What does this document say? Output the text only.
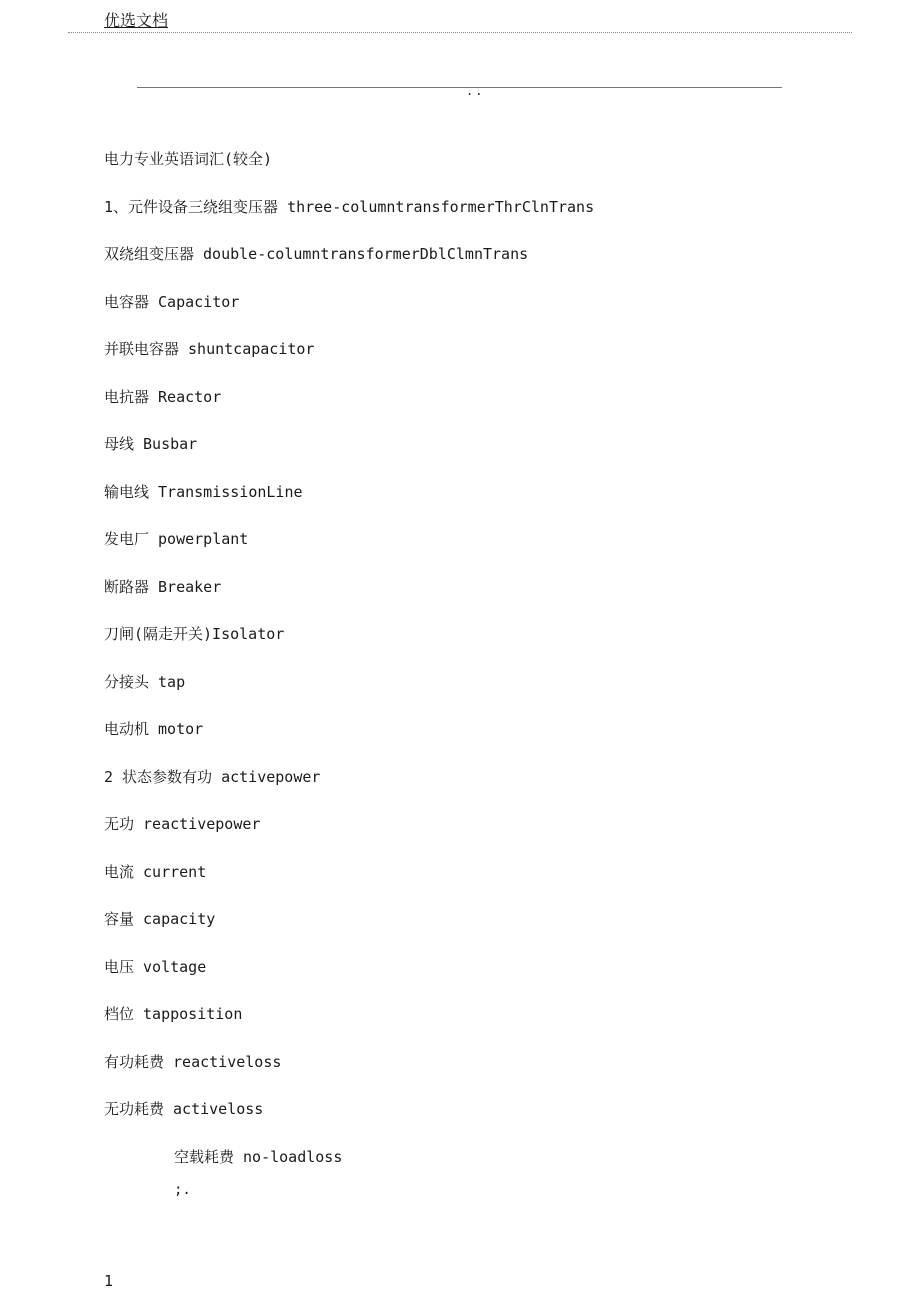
优选文档
..
电力专业英语词汇(较全)
1、元件设备三绕组变压器 three-columntransformerThrClnTrans
双绕组变压器 double-columntransformerDblClmnTrans
电容器 Capacitor
并联电容器 shuntcapacitor
电抗器 Reactor
母线 Busbar
输电线 TransmissionLine
发电厂 powerplant
断路器 Breaker
刀闸(隔走开关)Isolator
分接头 tap
电动机 motor
2 状态参数有功 activepower
无功 reactivepower
电流 current
容量 capacity
电压 voltage
档位 tapposition
有功耗费 reactiveloss
无功耗费 activeloss
空载耗费 no-loadloss
;.
1
